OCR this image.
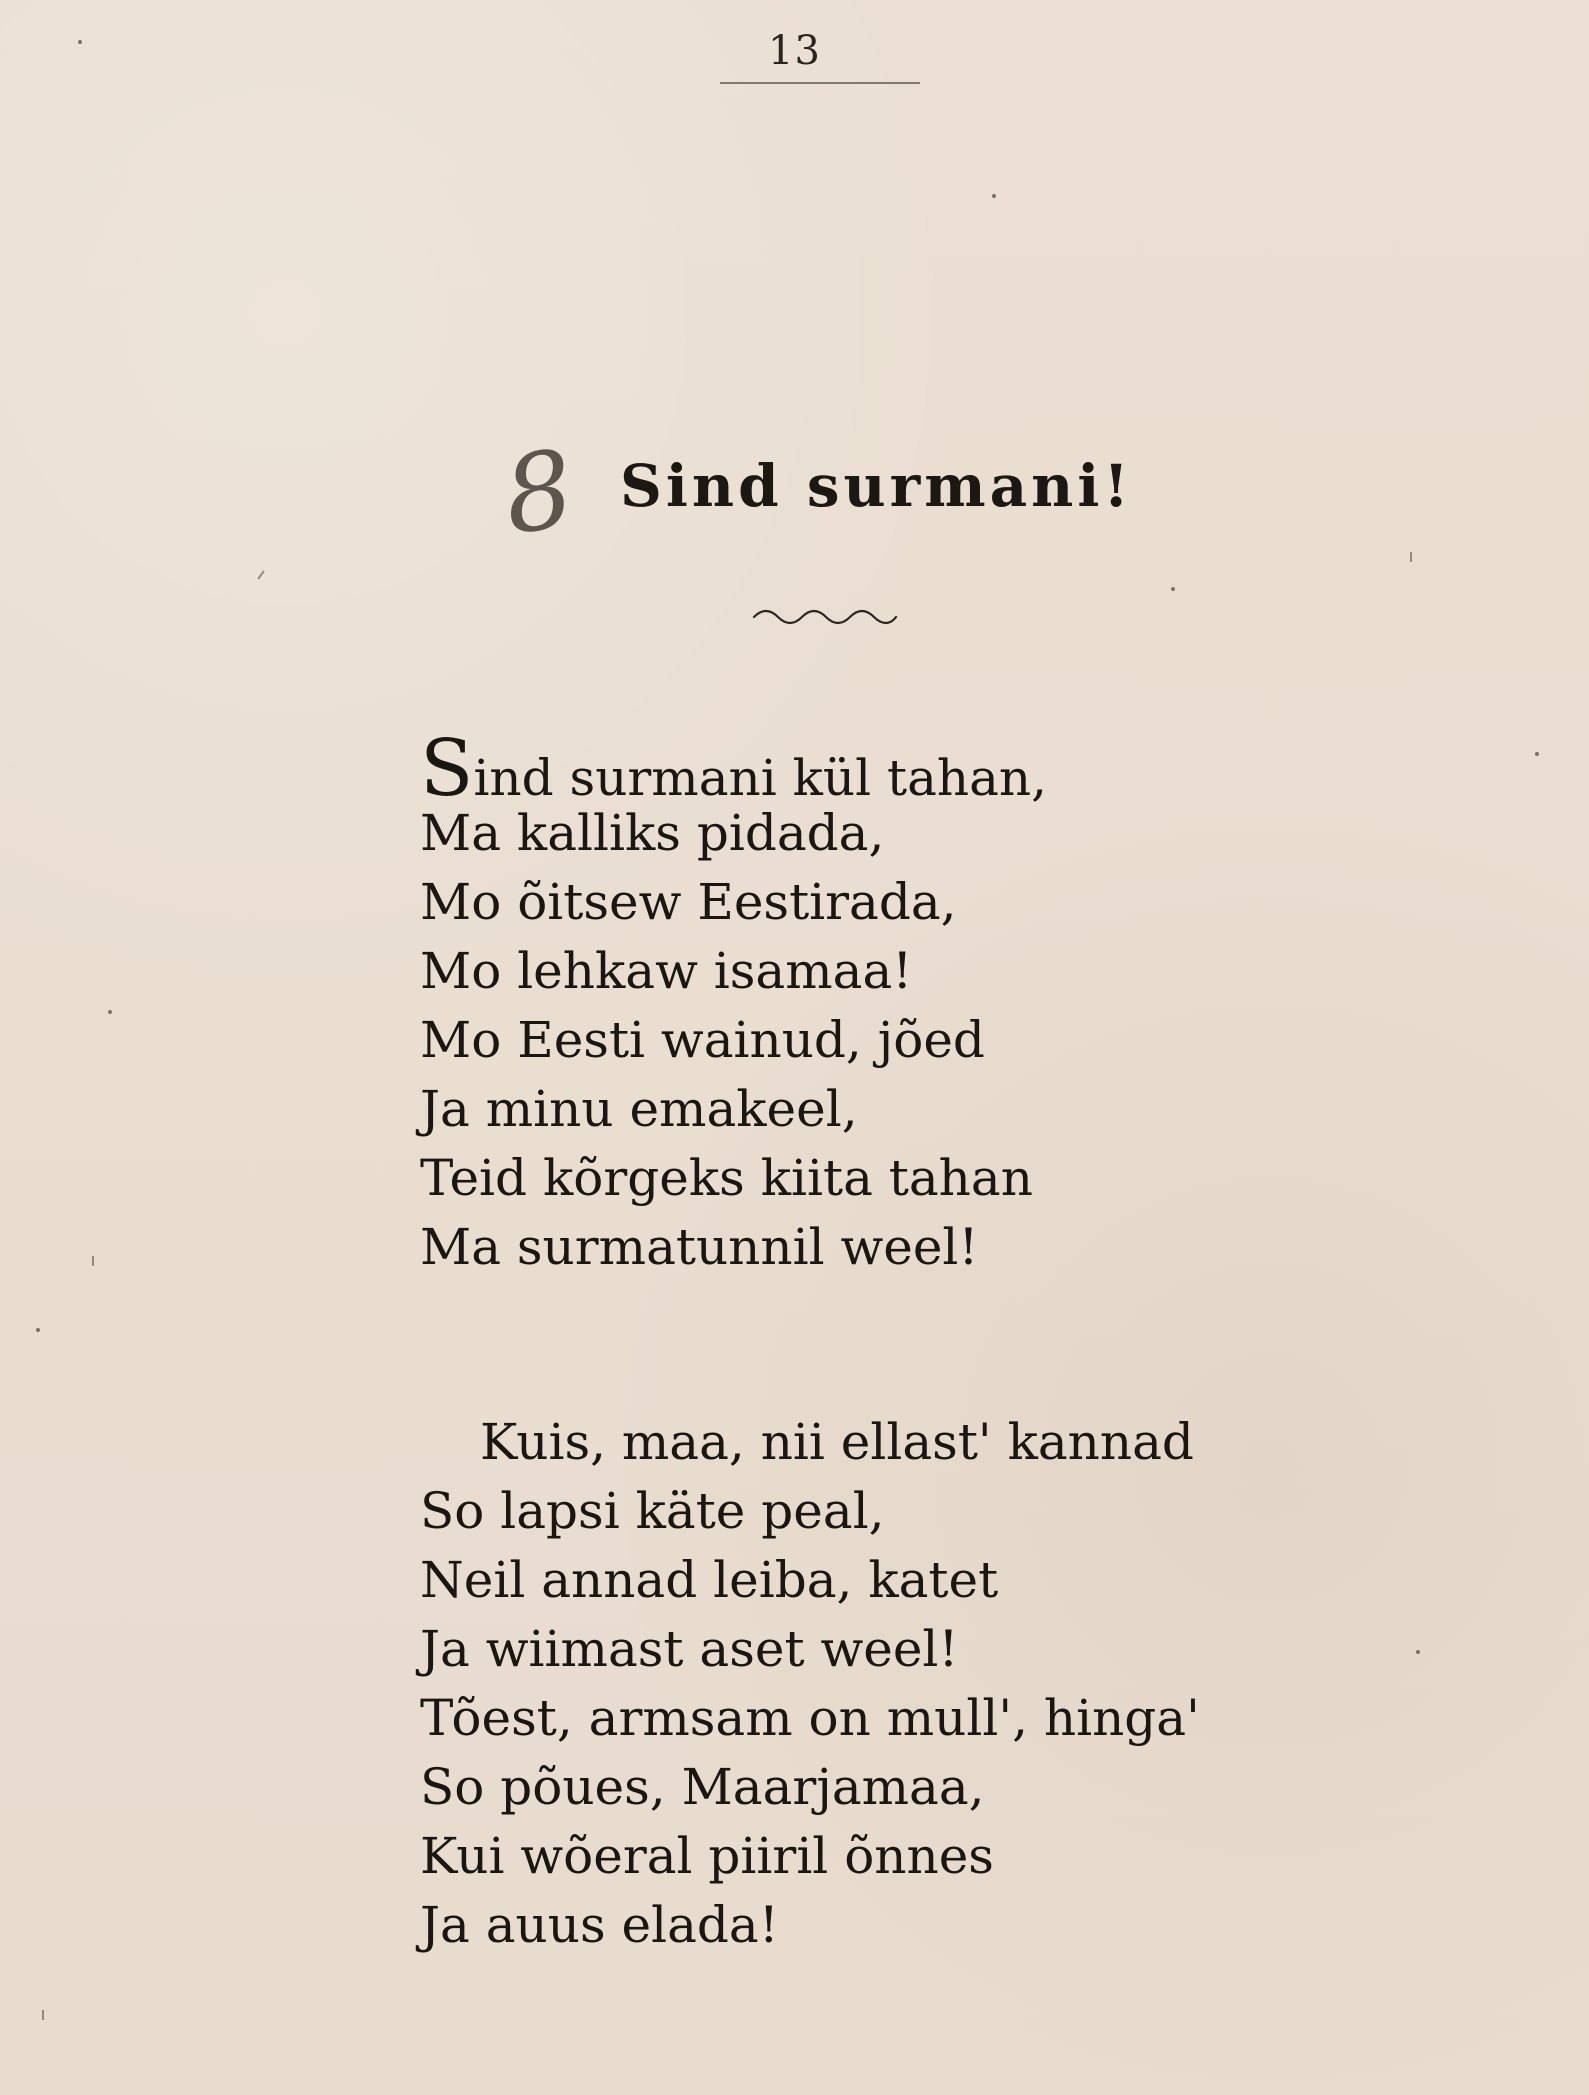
13
8 Sind surmani!
Sind surmani kül tahan,
Ma kalliks pidada,
Mo õitsew Eestirada,
Mo lehkaw isamaa!
Mo Eesti wainud, jõed
Ja minu emakeel,
Teid kõrgeks kiita tahan
Ma surmatunnil weel!
Kuis, maa, nii ellast' kannad
So lapsi käte peal,
Neil annad leiba, katet
Ja wiimast aset weel!
Tõest, armsam on mull', hinga'
So põues, Maarjamaa,
Kui wõeral piiril õnnes
Ja auus elada!
